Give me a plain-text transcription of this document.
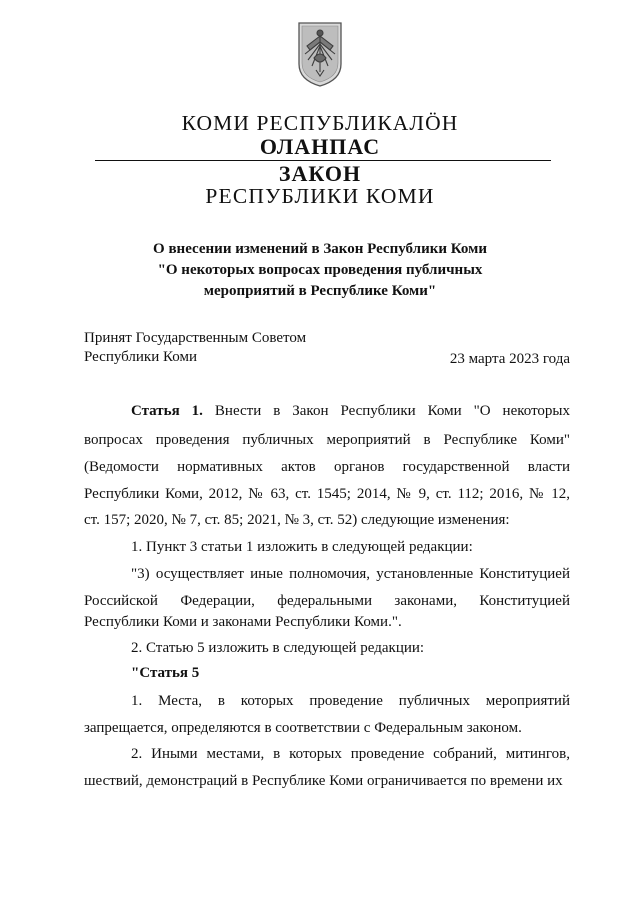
КОМИ РЕСПУБЛИКАЛӦН
ОЛАНПАС
ЗАКОН
РЕСПУБЛИКИ КОМИ
О внесении изменений в Закон Республики Коми
"О некоторых вопросах проведения публичных
мероприятий в Республике Коми"
Принят Государственным Советом
Республики Коми	23 марта 2023 года
Статья 1. Внести в Закон Республики Коми "О некоторых
вопросах проведения публичных мероприятий в Республике Коми"
(Ведомости нормативных актов органов государственной власти
Республики Коми, 2012, № 63, ст. 1545; 2014, № 9, ст. 112; 2016, № 12,
ст. 157; 2020, № 7, ст. 85; 2021, № 3, ст. 52) следующие изменения:
1. Пункт 3 статьи 1 изложить в следующей редакции:
"3) осуществляет иные полномочия, установленные Конституцией
Российской Федерации, федеральными законами, Конституцией
Республики Коми и законами Республики Коми.".
2. Статью 5 изложить в следующей редакции:
"Статья 5
1. Места, в которых проведение публичных мероприятий
запрещается, определяются в соответствии с Федеральным законом.
2. Иными местами, в которых проведение собраний, митингов,
шествий, демонстраций в Республике Коми ограничивается по времени их
